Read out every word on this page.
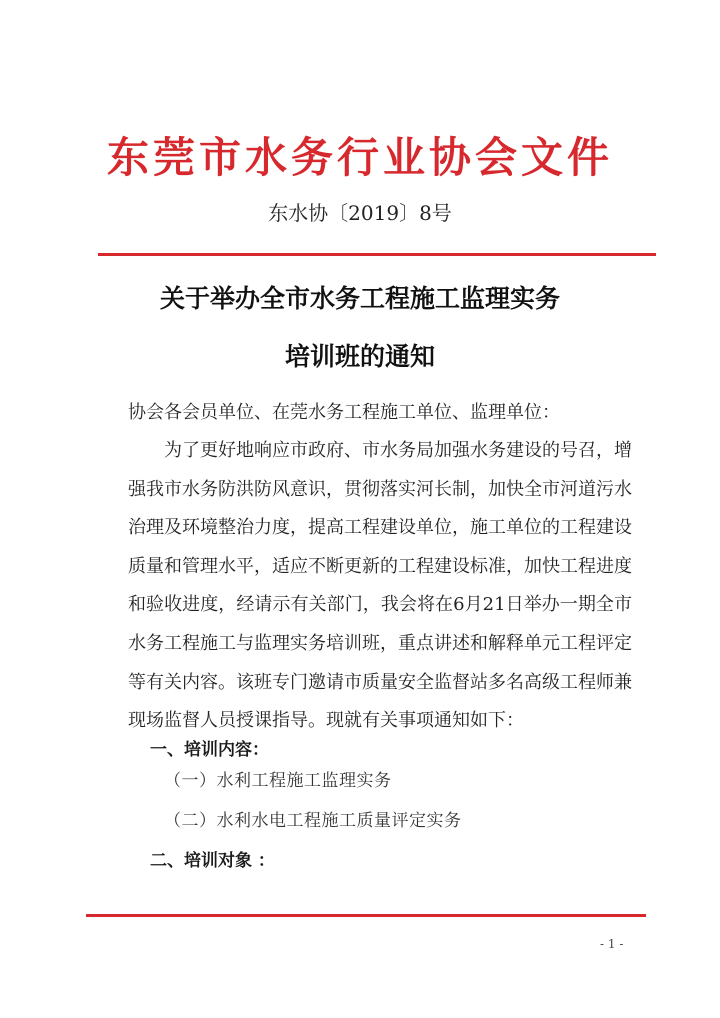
东莞市水务行业协会文件
东水协〔2019〕8号
关于举办全市水务工程施工监理实务
培训班的通知
协会各会员单位、在莞水务工程施工单位、监理单位：
为了更好地响应市政府、市水务局加强水务建设的号召，增强我市水务防洪防风意识，贯彻落实河长制，加快全市河道污水治理及环境整治力度，提高工程建设单位，施工单位的工程建设质量和管理水平，适应不断更新的工程建设标准，加快工程进度和验收进度，经请示有关部门，我会将在6月21日举办一期全市水务工程施工与监理实务培训班，重点讲述和解释单元工程评定等有关内容。该班专门邀请市质量安全监督站多名高级工程师兼现场监督人员授课指导。现就有关事项通知如下：
一、培训内容：
（一）水利工程施工监理实务
（二）水利水电工程施工质量评定实务
二、培训对象 ：
- 1 -
